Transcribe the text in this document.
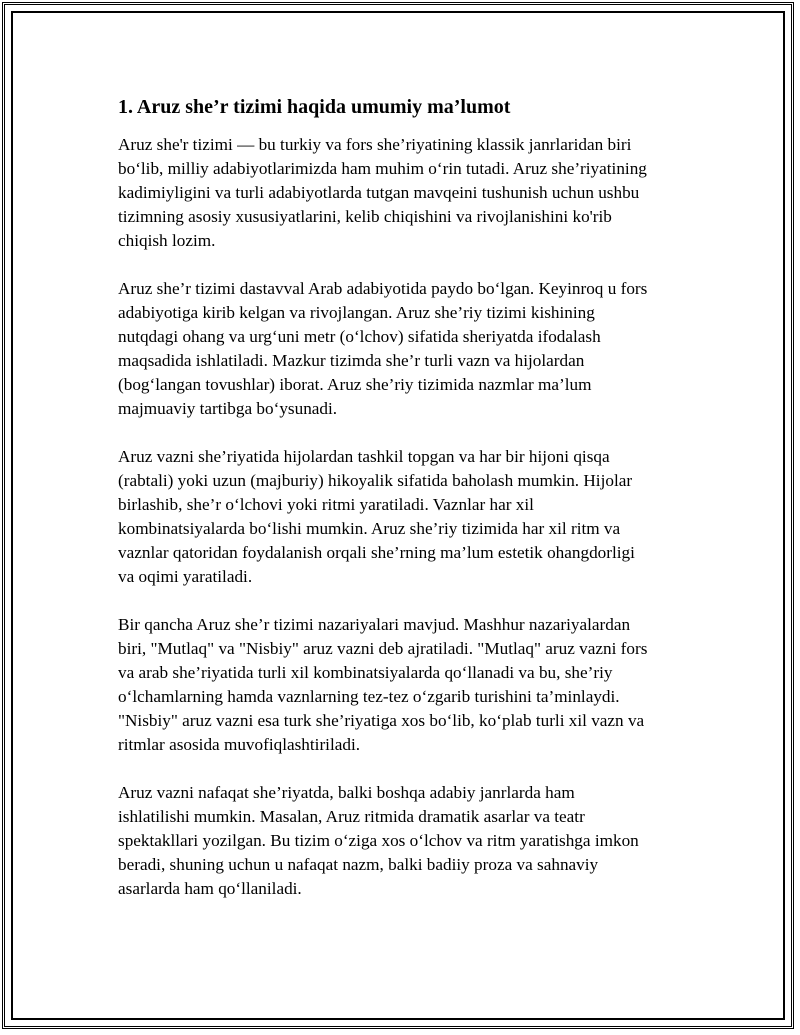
1. Aruz she’r tizimi haqida umumiy ma’lumot

Aruz she'r tizimi — bu turkiy va fors she’riyatining klassik janrlaridan biri
bo‘lib, milliy adabiyotlarimizda ham muhim o‘rin tutadi. Aruz she’riyatining
kadimiyligini va turli adabiyotlarda tutgan mavqeini tushunish uchun ushbu
tizimning asosiy xususiyatlarini, kelib chiqishini va rivojlanishini ko'rib
chiqish lozim.

Aruz she’r tizimi dastavval Arab adabiyotida paydo bo‘lgan. Keyinroq u fors
adabiyotiga kirib kelgan va rivojlangan. Aruz she’riy tizimi kishining
nutqdagi ohang va urg‘uni metr (o‘lchov) sifatida sheriyatda ifodalash
maqsadida ishlatiladi. Mazkur tizimda she’r turli vazn va hijolardan
(bog‘langan tovushlar) iborat. Aruz she’riy tizimida nazmlar ma’lum
majmuaviy tartibga bo‘ysunadi.

Aruz vazni she’riyatida hijolardan tashkil topgan va har bir hijoni qisqa
(rabtali) yoki uzun (majburiy) hikoyalik sifatida baholash mumkin. Hijolar
birlashib, she’r o‘lchovi yoki ritmi yaratiladi. Vaznlar har xil
kombinatsiyalarda bo‘lishi mumkin. Aruz she’riy tizimida har xil ritm va
vaznlar qatoridan foydalanish orqali she’rning ma’lum estetik ohangdorligi
va oqimi yaratiladi.

Bir qancha Aruz she’r tizimi nazariyalari mavjud. Mashhur nazariyalardan
biri, "Mutlaq" va "Nisbiy" aruz vazni deb ajratiladi. "Mutlaq" aruz vazni fors
va arab she’riyatida turli xil kombinatsiyalarda qo‘llanadi va bu, she’riy
o‘lchamlarning hamda vaznlarning tez-tez o‘zgarib turishini ta’minlaydi.
"Nisbiy" aruz vazni esa turk she’riyatiga xos bo‘lib, ko‘plab turli xil vazn va
ritmlar asosida muvofiqlashtiriladi.

Aruz vazni nafaqat she’riyatda, balki boshqa adabiy janrlarda ham
ishlatilishi mumkin. Masalan, Aruz ritmida dramatik asarlar va teatr
spektakllari yozilgan. Bu tizim o‘ziga xos o‘lchov va ritm yaratishga imkon
beradi, shuning uchun u nafaqat nazm, balki badiiy proza va sahnaviy
asarlarda ham qo‘llaniladi.
